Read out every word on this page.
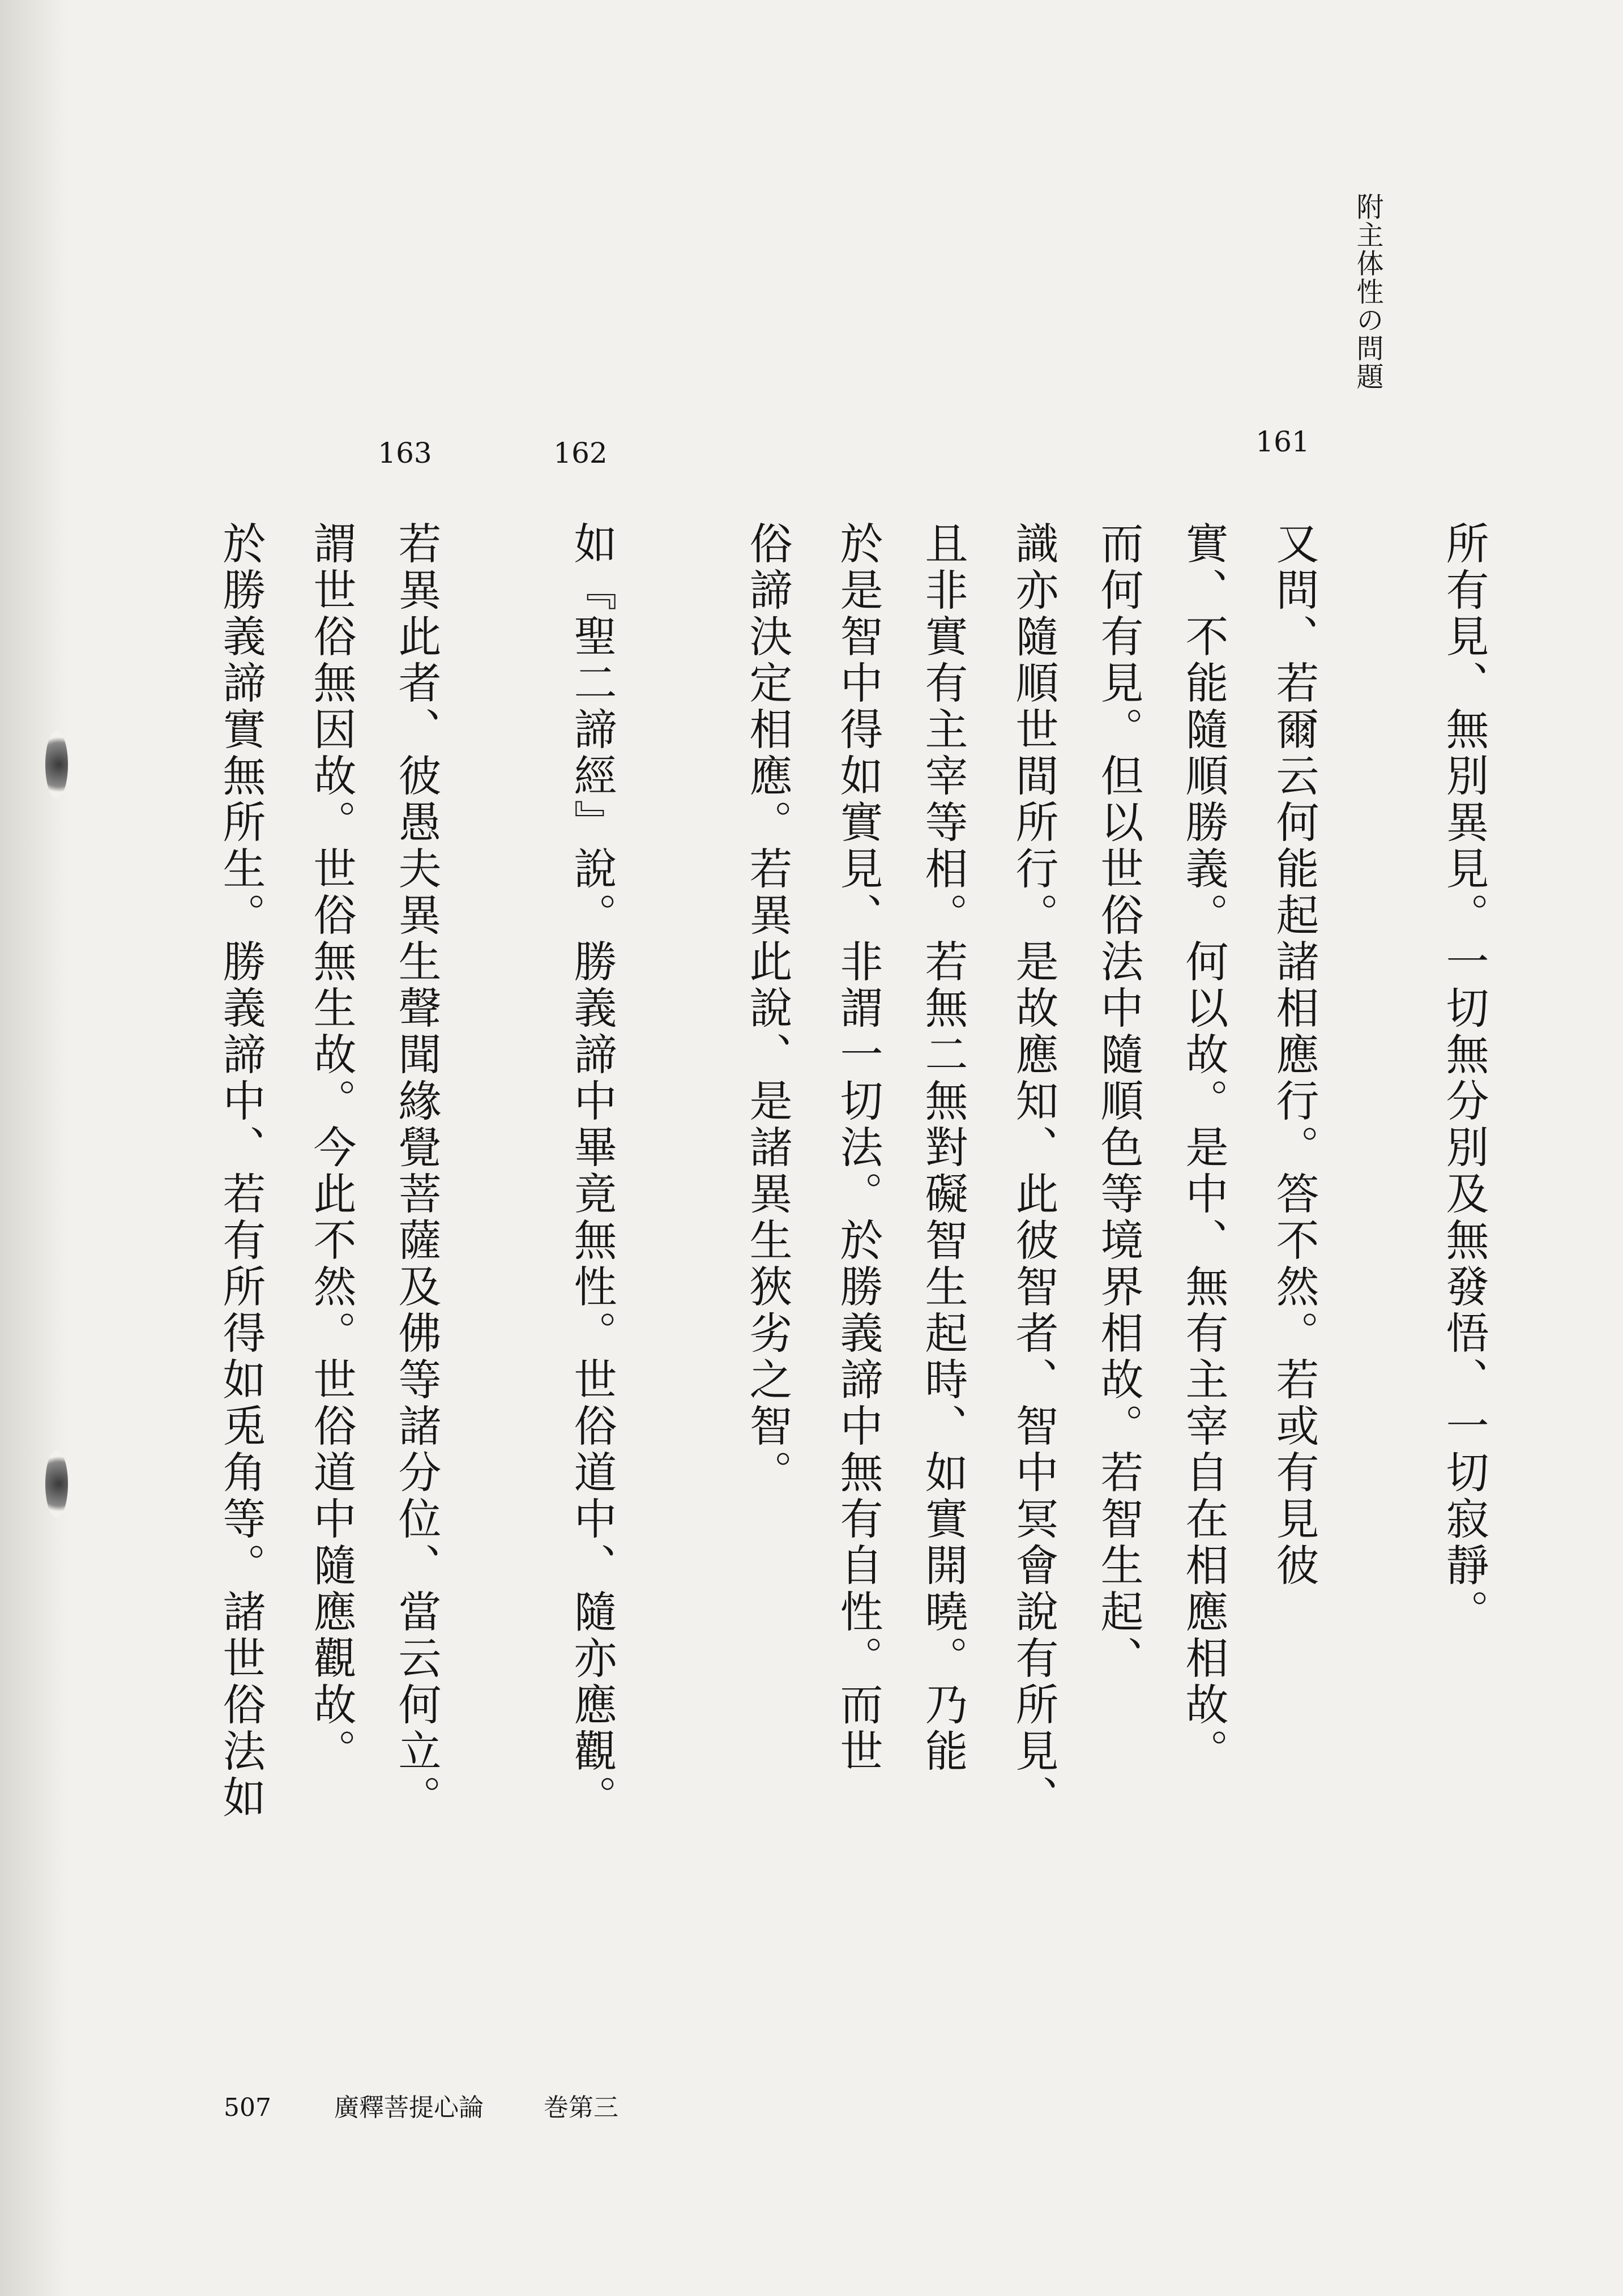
附主体性の問題
161
162
163
所有見、無別異見。一切無分別及無發悟、一切寂靜。
又問、若爾云何能起諸相應行。答不然。若或有見彼
實、不能隨順勝義。何以故。是中、無有主宰自在相應相故。
而何有見。但以世俗法中隨順色等境界相故。若智生起、
識亦隨順世間所行。是故應知、此彼智者、智中冥會說有所見、
且非實有主宰等相。若無二無對礙智生起時、如實開曉。乃能
於是智中得如實見、非謂一切法。於勝義諦中無有自性。而世
俗諦決定相應。若異此說、是諸異生狹劣之智。
如『聖二諦經』說。勝義諦中畢竟無性。世俗道中、隨亦應觀。
若異此者、彼愚夫異生聲聞緣覺菩薩及佛等諸分位、當云何立。
謂世俗無因故。世俗無生故。今此不然。世俗道中隨應觀故。
於勝義諦實無所生。勝義諦中、若有所得如兎角等。諸世俗法如
507	廣釋菩提心論	巻第三
